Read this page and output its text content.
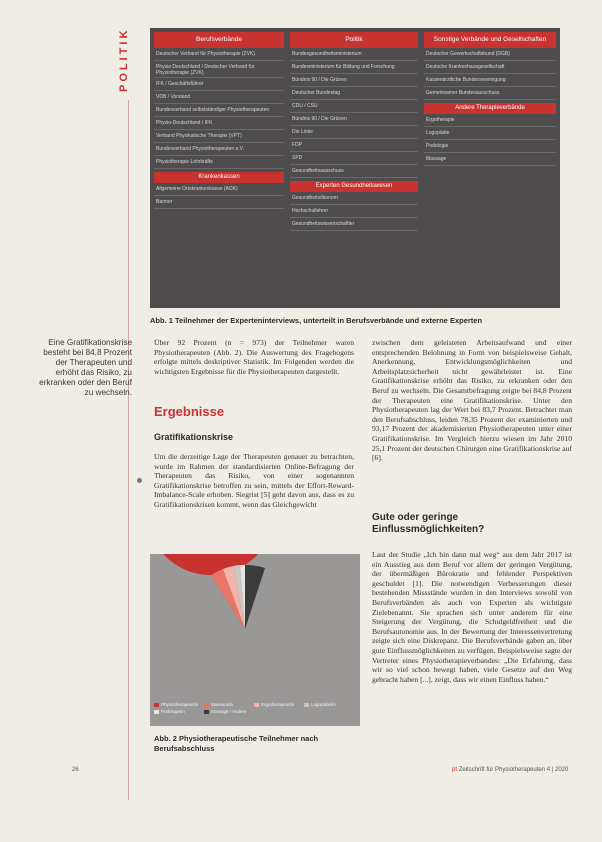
POLITIK	Berufsverbände
Deutscher Verband für Physiotherapie (ZVK)
Physio Deutschland / Deutscher Verband für Physiotherapie (ZVK)
IFK / Geschäftsführer
VDB / Vorstand
Bundesverband selbstständiger Physiotherapeuten
Physio-Deutschland / IFK
Verband Physikalische Therapie (VPT)
Bundesverband Physiotherapeuten e.V.
Physiotherapie Lehrkräfte
Krankenkassen
Allgemeine Ortskrankenkasse (AOK)
Barmer
Politik
Bundesgesundheitsministerium
Bundesministerium für Bildung und Forschung
Bündnis 90 / Die Grünen
Deutscher Bundestag
CDU / CSU
Bündnis 90 / Die Grünen
Die Linke
FDP
SPD
Gesundheitsausschuss
Experten Gesundheitswesen
Gesundheitsökonom
Hochschullehrer
Gesundheitswissenschaftler
Sonstige Verbände und Gesellschaften
Deutscher Gewerkschaftsbund (DGB)
Deutsche Krankenhausgesellschaft
Kassenärztliche Bundesvereinigung
Gemeinsamer Bundesausschuss
Andere Therapieverbände
Ergotherapie
Logopädie
Podologie
Massage
Abb. 1 Teilnehmer der Experteninterviews, unterteilt in Berufsverbände und externe Experten
Eine Gratifikationskrise besteht bei 84,8 Prozent der Therapeuten und erhöht das Risiko, zu erkranken oder den Beruf zu wechseln.
Über 92 Prozent (n = 973) der Teilnehmer waren Physiotherapeuten (Abb. 2). Die Auswertung des Fragebogens erfolgte mittels deskriptiver Statistik. Im Folgenden werden die wichtigsten Ergebnisse für die Physiotherapeuten dargestellt.
Ergebnisse
Gratifikationskrise
Um die derzeitige Lage der Therapeuten genauer zu betrachten, wurde im Rahmen der standardisierten Online-Befragung der Therapeuten das Risiko, von einer sogenannten Gratifikationskrise betroffen zu sein, mittels der Effort-Reward-Imbalance-Scale erhoben. Siegrist [5] geht davon aus, dass es zu Gratifikationskrisen kommt, wenn das Gleichgewicht
Physiotherapeut/in	Masseur/in	Ergotherapeut/in	Logopäde/in
Podologe/in	Sonstige / Andere
Abb. 2 Physiotherapeutische Teilnehmer nach Berufsabschluss
zwischen dem geleisteten Arbeitsaufwand und einer entsprechenden Belohnung in Form von beispielsweise Gehalt, Anerkennung, Entwicklungsmöglichkeiten und Arbeitsplatzsicherheit nicht gewährleistet ist. Eine Gratifikationskrise erhöht das Risiko, zu erkranken oder den Beruf zu wechseln. Die Gesamtbefragung zeigte bei 84,8 Prozent der Therapeuten eine Gratifikationskrise. Unter den Physiotherapeuten lag der Wert bei 83,7 Prozent. Betrachtet man den Berufsabschluss, leiden 78,35 Prozent der examinierten und 93,17 Prozent der akademisierten Physiotherapeuten unter einer Gratifikationskrise. Im Vergleich hierzu wiesen im Jahr 2010 25,1 Prozent der deutschen Chirurgen eine Gratifikationskrise auf [6].
Gute oder geringe Einflussmöglichkeiten?
Laut der Studie „Ich bin dann mal weg“ aus dem Jahr 2017 ist ein Ausstieg aus dem Beruf vor allem der geringen Vergütung, der übermäßigen Bürokratie und fehlender Perspektiven geschuldet [1]. Die notwendigen Verbesserungen dieser bestehenden Missstände wurden in den Interviews sowohl von Berufsverbänden als auch von Experten als wichtigste Zielebenannt. Sie sprachen sich unter anderem für eine Steigerung der Vergütung, die Schulgeldfreiheit und die Berufsautonomie aus. In der Bewertung der Interessenvertretung zeigte sich eine Diskrepanz. Die Berufsverbände gaben an, über gute Einflussmöglichkeiten zu verfügen. Beispielsweise sagte der Vertreter eines Physiotherapieverbandes: „Die Erfahrung, dass wir so viel schon bewegt haben, viele Gesetze auf den Weg gebracht haben [...], zeigt, dass wir einen Einfluss haben.“
26	pt Zeitschrift für Physiotherapeuten 4 | 2020
